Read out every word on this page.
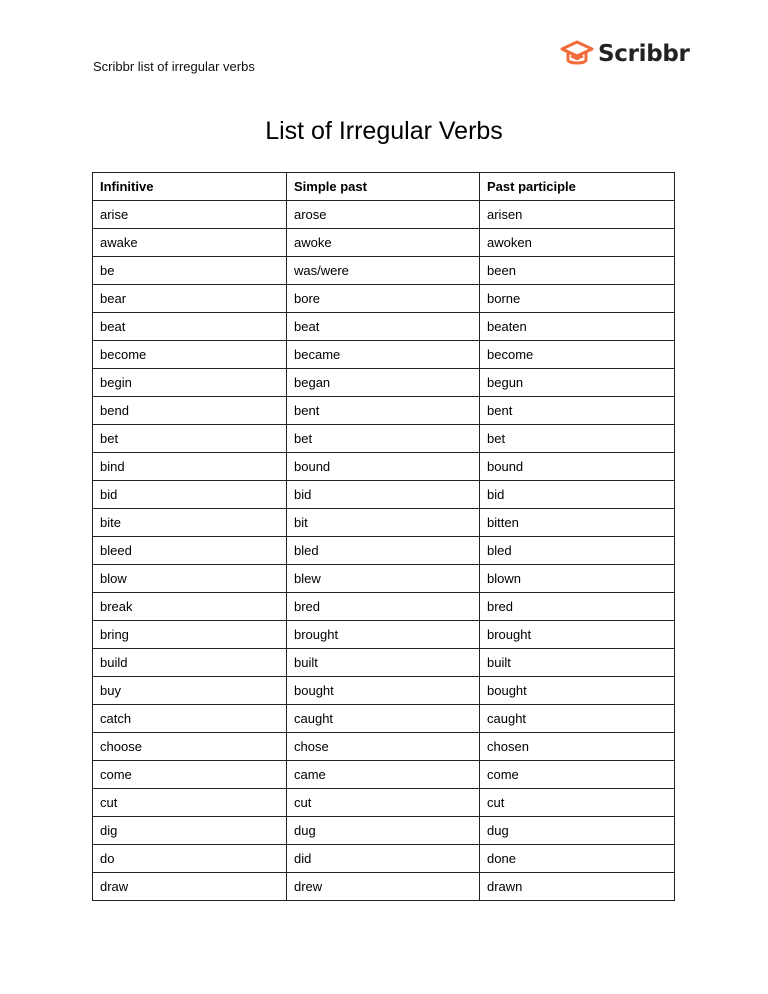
Scribbr list of irregular verbs	Scribbr
List of Irregular Verbs
Infinitive	Simple past	Past participle
arise	arose	arisen
awake	awoke	awoken
be	was/were	been
bear	bore	borne
beat	beat	beaten
become	became	become
begin	began	begun
bend	bent	bent
bet	bet	bet
bind	bound	bound
bid	bid	bid
bite	bit	bitten
bleed	bled	bled
blow	blew	blown
break	bred	bred
bring	brought	brought
build	built	built
buy	bought	bought
catch	caught	caught
choose	chose	chosen
come	came	come
cut	cut	cut
dig	dug	dug
do	did	done
draw	drew	drawn
